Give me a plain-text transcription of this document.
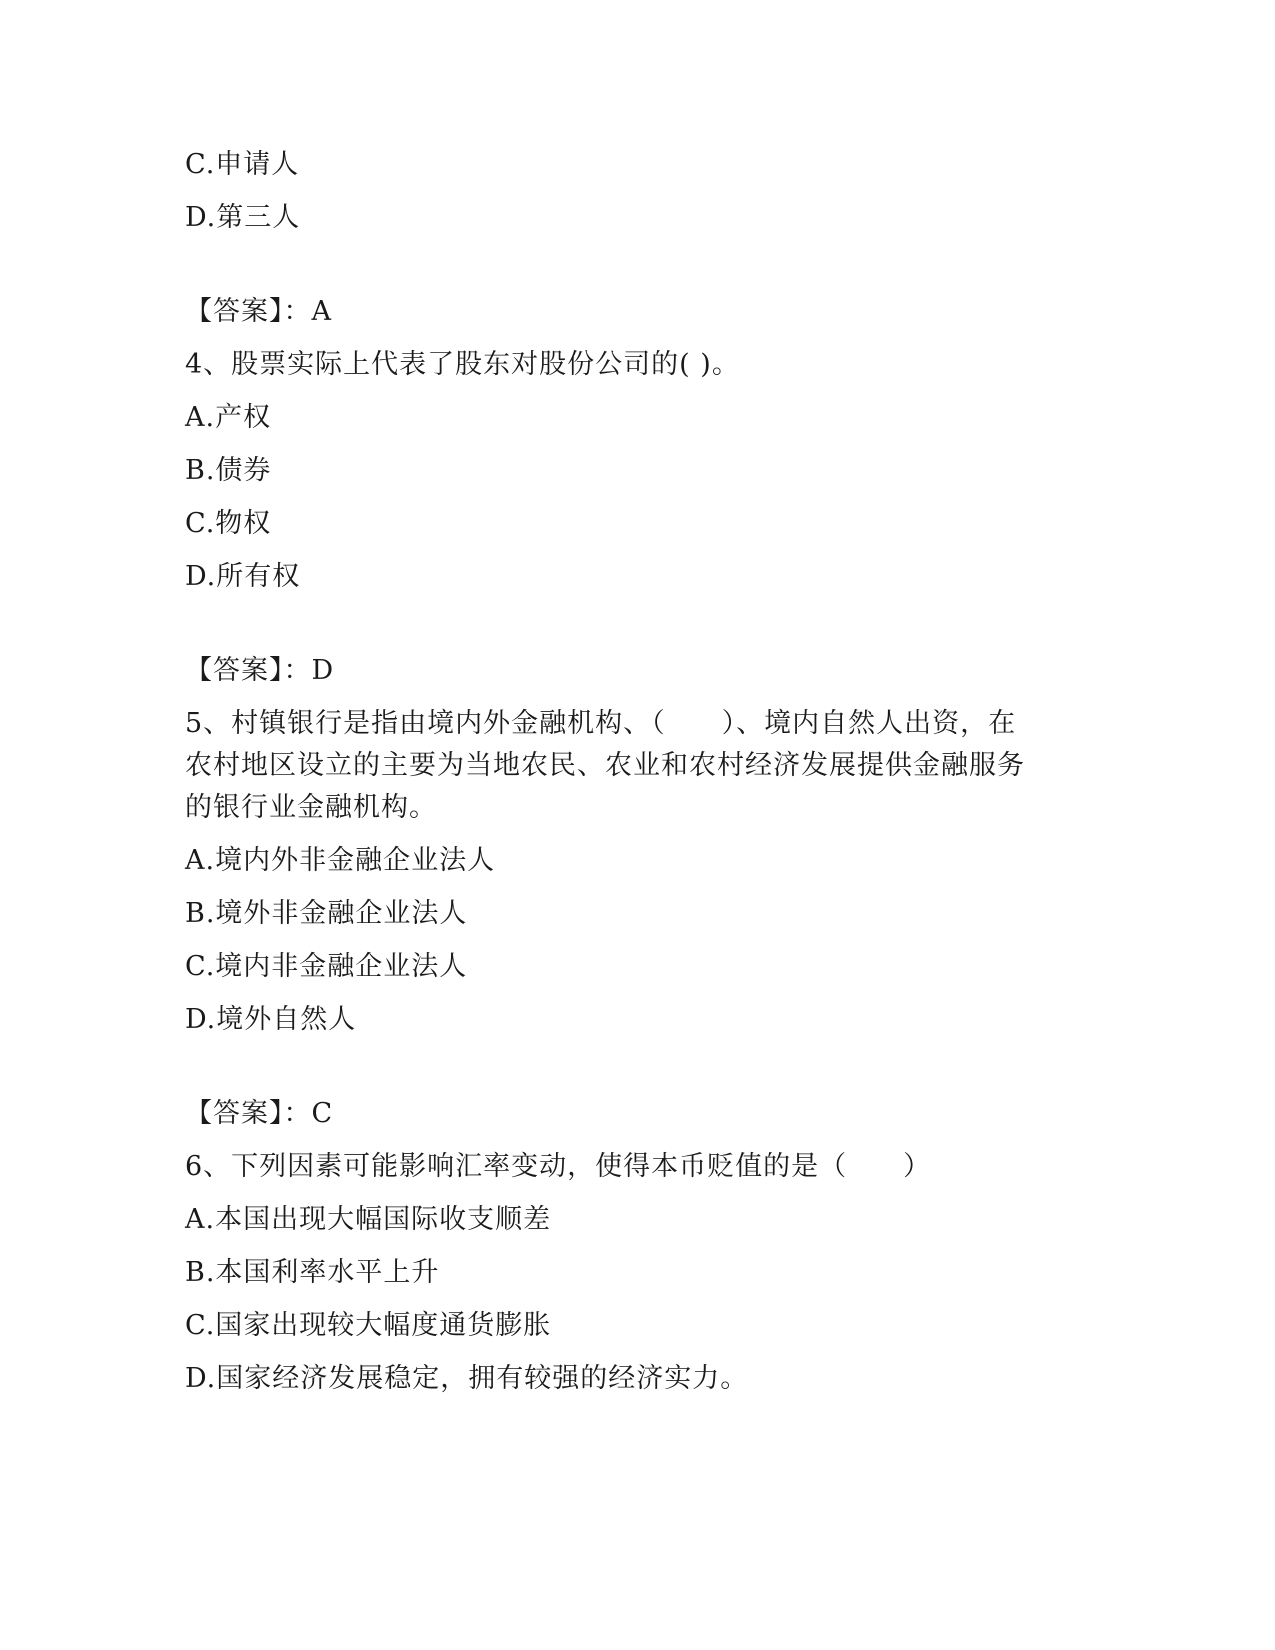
C.申请人
D.第三人
【答案】：A
4、股票实际上代表了股东对股份公司的( )。
A.产权
B.债券
C.物权
D.所有权
【答案】：D
5、村镇银行是指由境内外金融机构、（　　）、境内自然人出资，在
农村地区设立的主要为当地农民、农业和农村经济发展提供金融服务
的银行业金融机构。
A.境内外非金融企业法人
B.境外非金融企业法人
C.境内非金融企业法人
D.境外自然人
【答案】：C
6、下列因素可能影响汇率变动，使得本币贬值的是（　　）
A.本国出现大幅国际收支顺差
B.本国利率水平上升
C.国家出现较大幅度通货膨胀
D.国家经济发展稳定，拥有较强的经济实力。
